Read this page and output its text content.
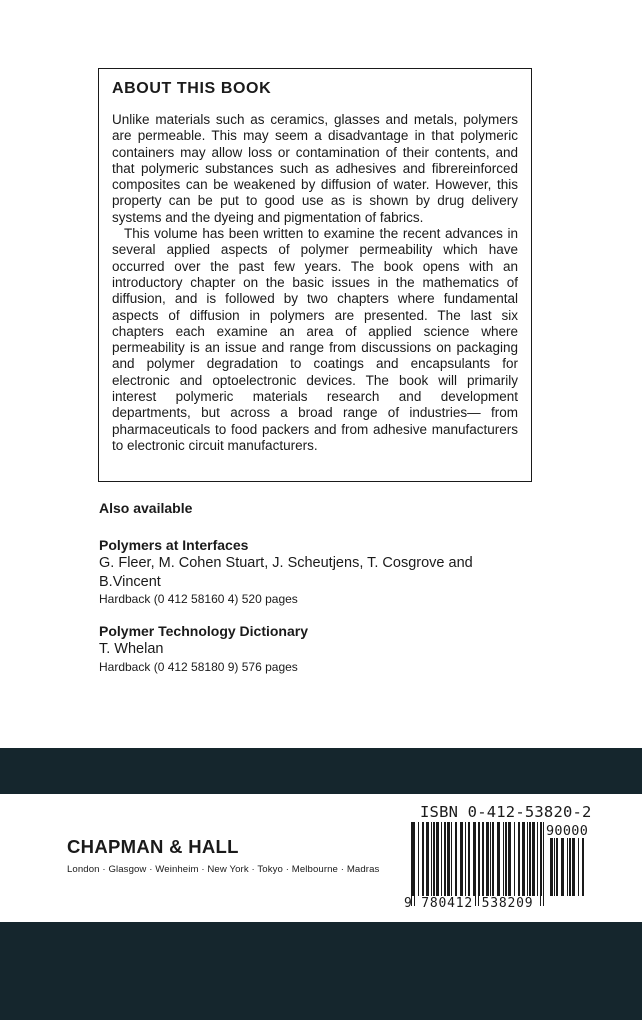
ABOUT THIS BOOK

Unlike materials such as ceramics, glasses and metals, polymers are permeable. This may seem a disadvantage in that polymeric containers may allow loss or contamination of their contents, and that polymeric substances such as adhesives and fibrereinforced composites can be weakened by diffusion of water. However, this property can be put to good use as is shown by drug delivery systems and the dyeing and pigmentation of fabrics.

This volume has been written to examine the recent advances in several applied aspects of polymer permeability which have occurred over the past few years. The book opens with an introductory chapter on the basic issues in the mathematics of diffusion, and is followed by two chapters where fundamental aspects of diffusion in polymers are presented. The last six chapters each examine an area of applied science where permeability is an issue and range from discussions on packaging and polymer degradation to coatings and encapsulants for electronic and optoelectronic devices. The book will primarily interest polymeric materials research and development departments, but across a broad range of industries— from pharmaceuticals to food packers and from adhesive manufacturers to electronic circuit manufacturers.

Also available
Polymers at Interfaces
G. Fleer, M. Cohen Stuart, J. Scheutjens, T. Cosgrove and B.Vincent
Hardback (0 412 58160 4) 520 pages
Polymer Technology Dictionary
T. Whelan
Hardback (0 412 58180 9) 576 pages
CHAPMAN & HALL
London · Glasgow · Weinheim · New York · Tokyo · Melbourne · Madras
ISBN 0-412-53820-2
90000
9 780412 538209
